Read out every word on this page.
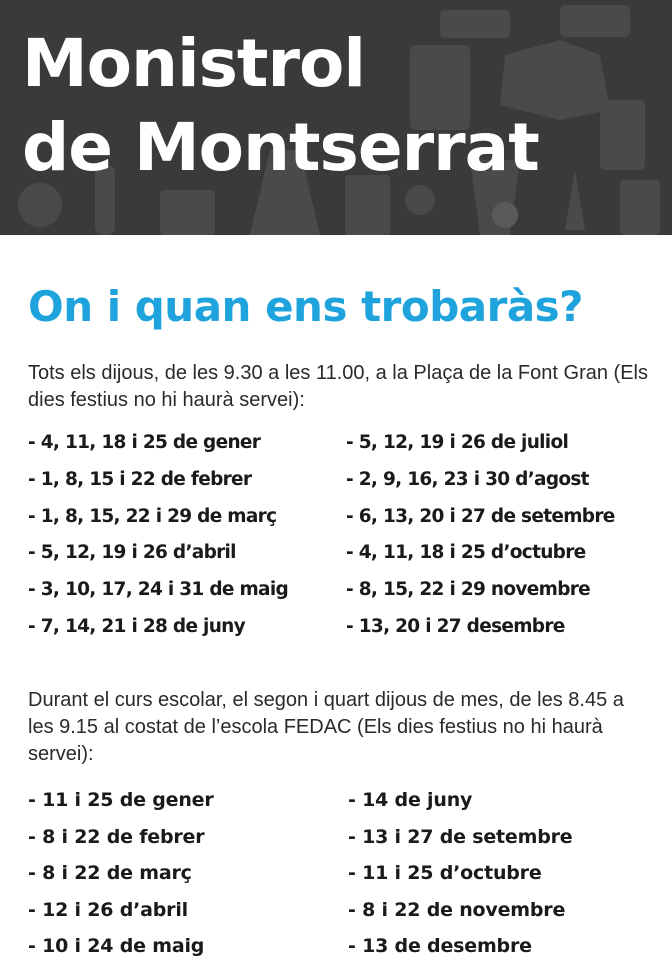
Monistrol
de Montserrat
On i quan ens trobaràs?

Tots els dijous, de les 9.30 a les 11.00, a la Plaça de la Font Gran (Els dies festius no hi haurà servei):

- 4, 11, 18 i 25 de gener
- 1, 8, 15 i 22 de febrer
- 1, 8, 15, 22 i 29 de març
- 5, 12, 19 i 26 d’abril
- 3, 10, 17, 24 i 31 de maig
- 7, 14, 21 i 28 de juny
- 5, 12, 19 i 26 de juliol
- 2, 9, 16, 23 i 30 d’agost
- 6, 13, 20 i 27 de setembre
- 4, 11, 18 i 25 d’octubre
- 8, 15, 22 i 29 novembre
- 13, 20 i 27 desembre

Durant el curs escolar, el segon i quart dijous de mes, de les 8.45 a les 9.15 al costat de l’escola FEDAC (Els dies festius no hi haurà servei):

- 11 i 25 de gener
- 8 i 22 de febrer
- 8 i 22 de març
- 12 i 26 d’abril
- 10 i 24 de maig
- 14 de juny
- 13 i 27 de setembre
- 11 i 25 d’octubre
- 8 i 22 de novembre
- 13 de desembre
